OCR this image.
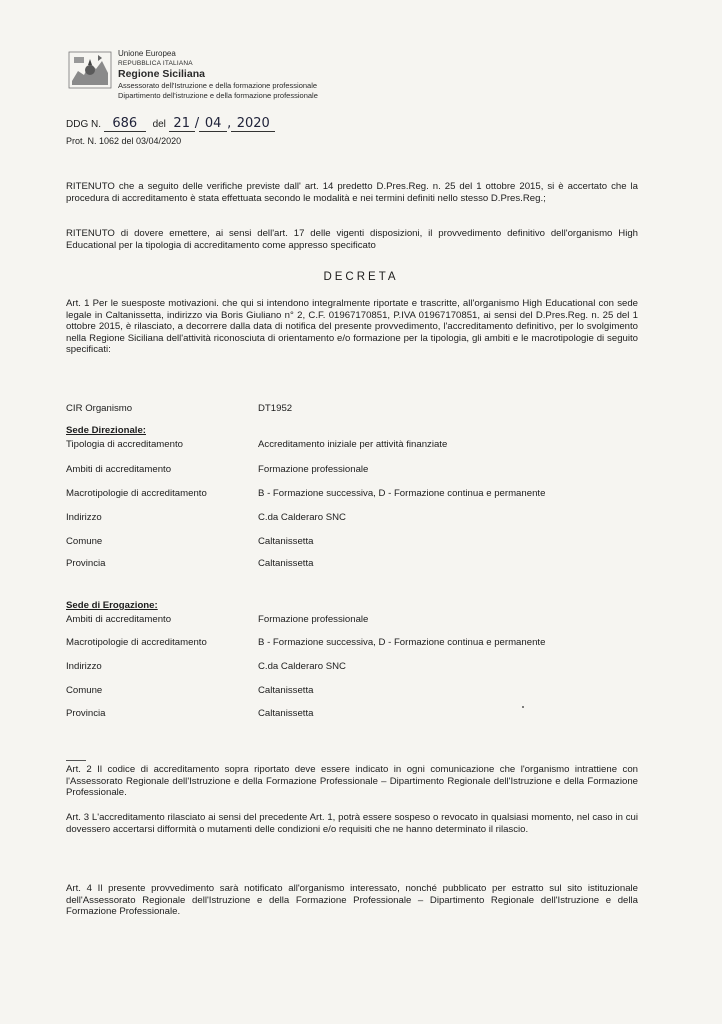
Unione Europea
REPUBBLICA ITALIANA
Regione Siciliana
Assessorato dell'Istruzione e della formazione professionale
Dipartimento dell'istruzione e della formazione professionale
DDG N. 686 del 21 / 04 , 2020
Prot. N. 1062 del 03/04/2020
RITENUTO che a seguito delle verifiche previste dall' art. 14 predetto D.Pres.Reg. n. 25 del 1 ottobre 2015, si è accertato che la procedura di accreditamento è stata effettuata secondo le modalità e nei termini definiti nello stesso D.Pres.Reg.;
RITENUTO di dovere emettere, ai sensi dell'art. 17 delle vigenti disposizioni, il provvedimento definitivo dell'organismo High Educational per la tipologia di accreditamento come appresso specificato
DECRETA
Art. 1 Per le suesposte motivazioni. che qui si intendono integralmente riportate e trascritte, all'organismo High Educational con sede legale in Caltanissetta, indirizzo via Boris Giuliano n° 2, C.F. 01967170851, P.IVA 01967170851, ai sensi del D.Pres.Reg. n. 25 del 1 ottobre 2015, è rilasciato, a decorrere dalla data di notifica del presente provvedimento, l'accreditamento definitivo, per lo svolgimento nella Regione Siciliana dell'attività riconosciuta di orientamento e/o formazione per la tipologia, gli ambiti e le macrotipologie di seguito specificati:
CIR Organismo	DT1952
Sede Direzionale:
Tipologia di accreditamento	Accreditamento iniziale per attività finanziate
Ambiti di accreditamento	Formazione professionale
Macrotipologie di accreditamento	B - Formazione successiva, D - Formazione continua e permanente
Indirizzo	C.da Calderaro SNC
Comune	Caltanissetta
Provincia	Caltanissetta
Sede di Erogazione:
Ambiti di accreditamento	Formazione professionale
Macrotipologie di accreditamento	B - Formazione successiva, D - Formazione continua e permanente
Indirizzo	C.da Calderaro SNC
Comune	Caltanissetta
Provincia	Caltanissetta
Art. 2 Il codice di accreditamento sopra riportato deve essere indicato in ogni comunicazione che l'organismo intrattiene con l'Assessorato Regionale dell'Istruzione e della Formazione Professionale – Dipartimento Regionale dell'Istruzione e della Formazione Professionale.
Art. 3 L'accreditamento rilasciato ai sensi del precedente Art. 1, potrà essere sospeso o revocato in qualsiasi momento, nel caso in cui dovessero accertarsi difformità o mutamenti delle condizioni e/o requisiti che ne hanno determinato il rilascio.
Art. 4 Il presente provvedimento sarà notificato all'organismo interessato, nonché pubblicato per estratto sul sito istituzionale dell'Assessorato Regionale dell'Istruzione e della Formazione Professionale – Dipartimento Regionale dell'Istruzione e della Formazione Professionale.
